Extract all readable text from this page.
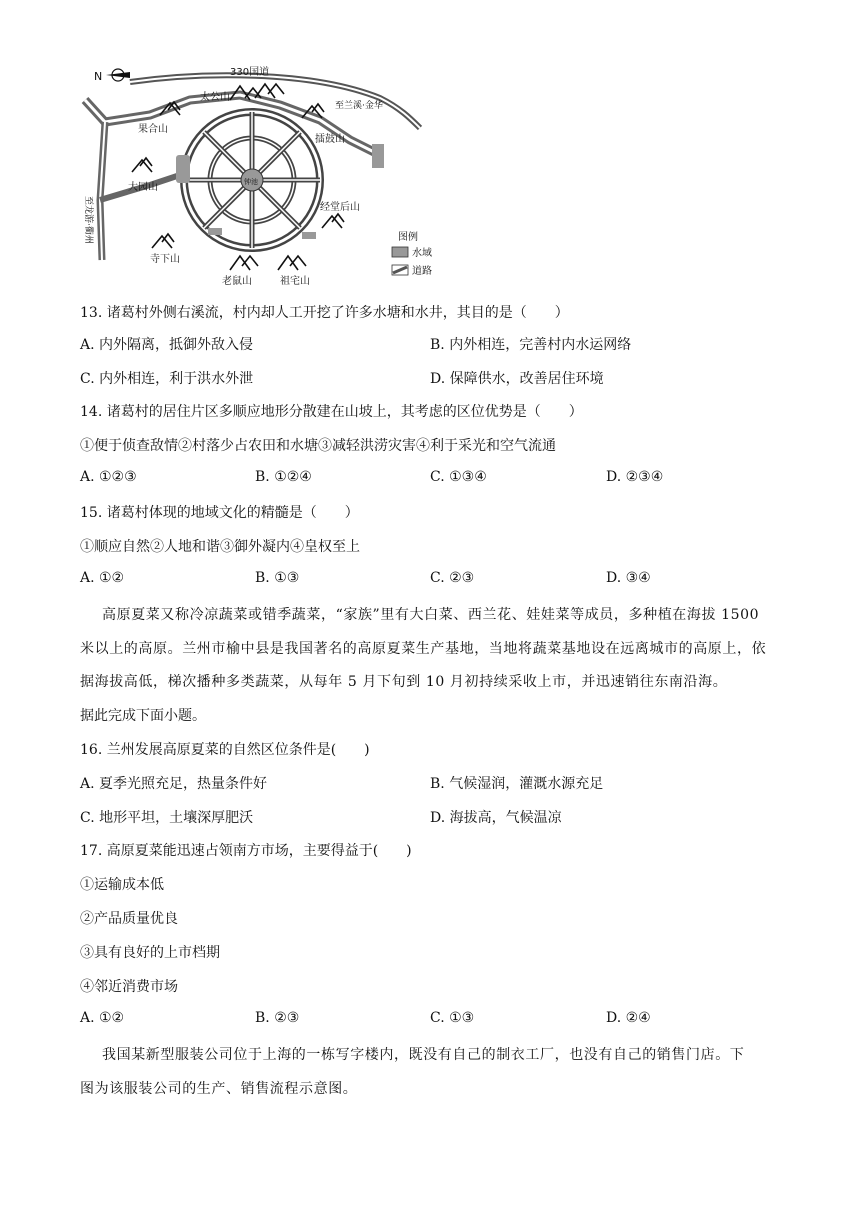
N	330国道
至兰溪·金华
至龙游·衢州
钟池
太公山
果合山
擂鼓山
大园山
经堂后山
寺下山
老鼠山	祖宅山
图例
水域
道路
13. 诸葛村外侧右溪流，村内却人工开挖了许多水塘和水井，其目的是（　　）
A. 内外隔离，抵御外敌入侵	B. 内外相连，完善村内水运网络
C. 内外相连，利于洪水外泄	D. 保障供水，改善居住环境
14. 诸葛村的居住片区多顺应地形分散建在山坡上，其考虑的区位优势是（　　）
①便于侦查敌情②村落少占农田和水塘③减轻洪涝灾害④利于采光和空气流通
A. ①②③	B. ①②④	C. ①③④	D. ②③④
15. 诸葛村体现的地域文化的精髓是（　　）
①顺应自然②人地和谐③御外凝内④皇权至上
A. ①②	B. ①③	C. ②③	D. ③④
高原夏菜又称冷凉蔬菜或错季蔬菜，“家族”里有大白菜、西兰花、娃娃菜等成员，多种植在海拔 1500
米以上的高原。兰州市榆中县是我国著名的高原夏菜生产基地，当地将蔬菜基地设在远离城市的高原上，依
据海拔高低，梯次播种多类蔬菜，从每年 5 月下旬到 10 月初持续采收上市，并迅速销往东南沿海。
据此完成下面小题。
16. 兰州发展高原夏菜的自然区位条件是(　　)
A. 夏季光照充足，热量条件好	B. 气候湿润，灌溉水源充足
C. 地形平坦，土壤深厚肥沃	D. 海拔高，气候温凉
17. 高原夏菜能迅速占领南方市场，主要得益于(　　)
①运输成本低
②产品质量优良
③具有良好的上市档期
④邻近消费市场
A. ①②	B. ②③	C. ①③	D. ②④
我国某新型服装公司位于上海的一栋写字楼内，既没有自己的制衣工厂，也没有自己的销售门店。下
图为该服装公司的生产、销售流程示意图。
